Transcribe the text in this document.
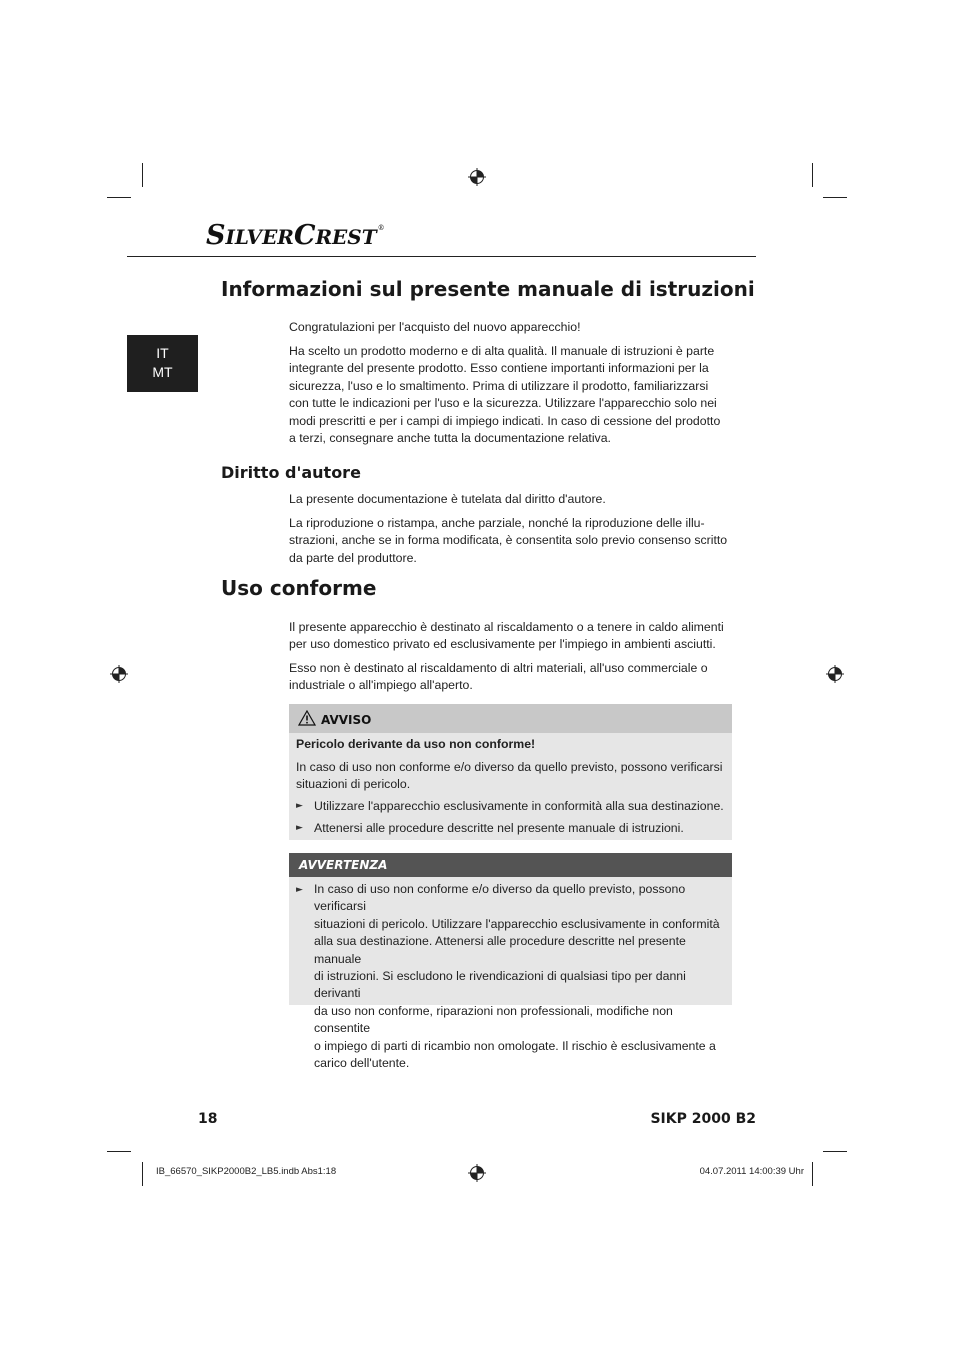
SILVERCREST®
IT
MT
Informazioni sul presente manuale di istruzioni
Congratulazioni per l'acquisto del nuovo apparecchio!
Ha scelto un prodotto moderno e di alta qualità. Il manuale di istruzioni è parte
integrante del presente prodotto. Esso contiene importanti informazioni per la
sicurezza, l'uso e lo smaltimento. Prima di utilizzare il prodotto, familiarizzarsi
con tutte le indicazioni per l'uso e la sicurezza. Utilizzare l'apparecchio solo nei
modi prescritti e per i campi di impiego indicati. In caso di cessione del prodotto
a terzi, consegnare anche tutta la documentazione relativa.
Diritto d'autore
La presente documentazione è tutelata dal diritto d'autore.
La riproduzione o ristampa, anche parziale, nonché la riproduzione delle illu-
strazioni, anche se in forma modificata, è consentita solo previo consenso scritto
da parte del produttore.
Uso conforme
Il presente apparecchio è destinato al riscaldamento o a tenere in caldo alimenti
per uso domestico privato ed esclusivamente per l'impiego in ambienti asciutti.
Esso non è destinato al riscaldamento di altri materiali, all'uso commerciale o
industriale o all'impiego all'aperto.
AVVISO
Pericolo derivante da uso non conforme!
In caso di uso non conforme e/o diverso da quello previsto, possono verificarsi
situazioni di pericolo.
► Utilizzare l'apparecchio esclusivamente in conformità alla sua destinazione.
► Attenersi alle procedure descritte nel presente manuale di istruzioni.
AVVERTENZA
► In caso di uso non conforme e/o diverso da quello previsto, possono verificarsi
situazioni di pericolo. Utilizzare l'apparecchio esclusivamente in conformità
alla sua destinazione. Attenersi alle procedure descritte nel presente manuale
di istruzioni. Si escludono le rivendicazioni di qualsiasi tipo per danni derivanti
da uso non conforme, riparazioni non professionali, modifiche non consentite
o impiego di parti di ricambio non omologate. Il rischio è esclusivamente a
carico dell'utente.
18	SIKP 2000 B2
IB_66570_SIKP2000B2_LB5.indb Abs1:18	04.07.2011 14:00:39 Uhr
